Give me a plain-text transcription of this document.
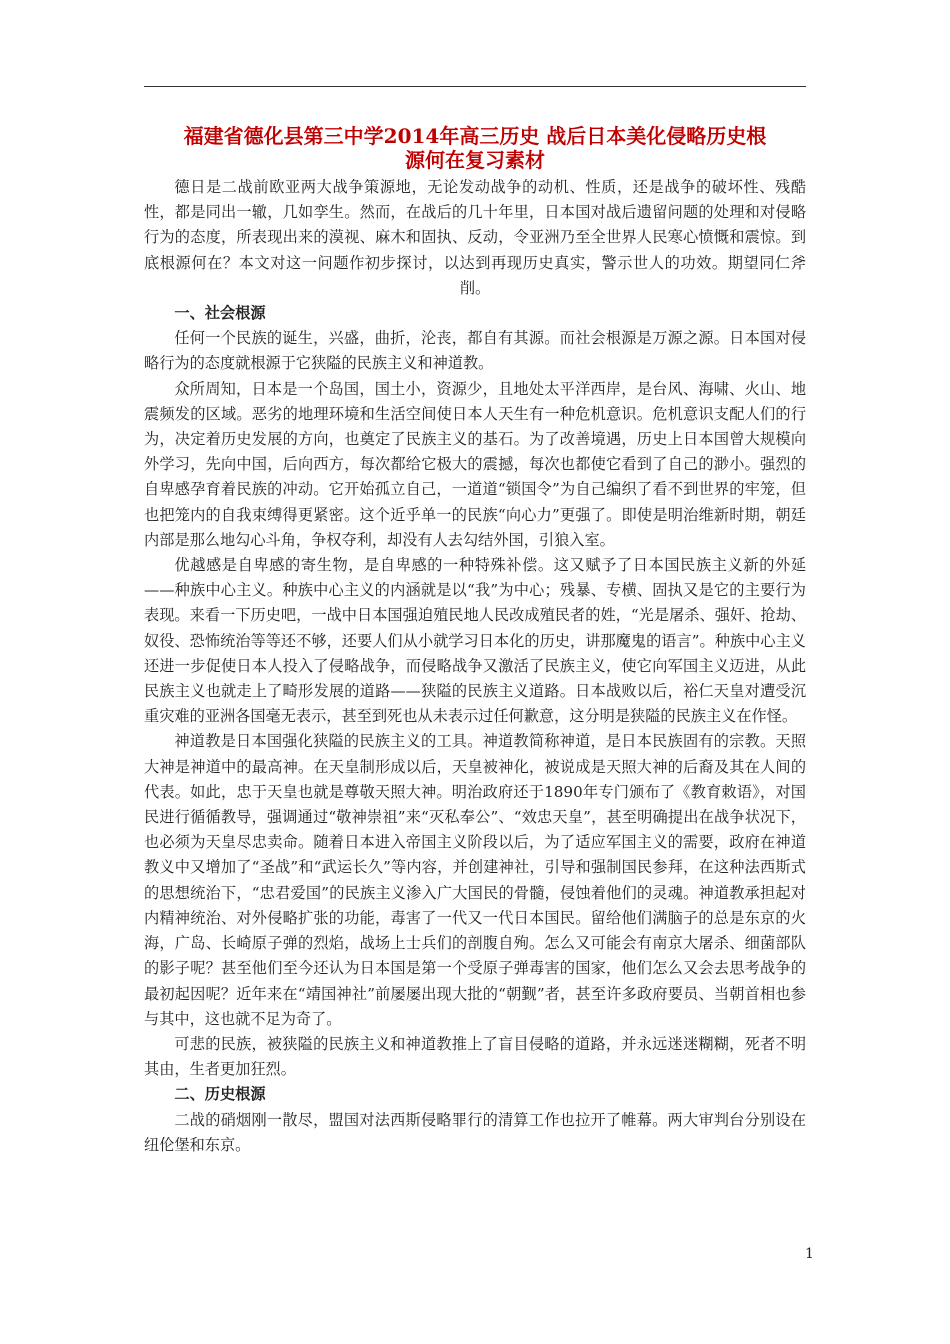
福建省德化县第三中学2014年高三历史 战后日本美化侵略历史根
源何在复习素材

德日是二战前欧亚两大战争策源地，无论发动战争的动机、性质，还是战争的破坏性、残酷性，都是同出一辙，几如孪生。然而，在战后的几十年里，日本国对战后遗留问题的处理和对侵略行为的态度，所表现出来的漠视、麻木和固执、反动，令亚洲乃至全世界人民寒心愤慨和震惊。到底根源何在？本文对这一问题作初步探讨，以达到再现历史真实，警示世人的功效。期望同仁斧削。

一、社会根源

任何一个民族的诞生，兴盛，曲折，沦丧，都自有其源。而社会根源是万源之源。日本国对侵略行为的态度就根源于它狭隘的民族主义和神道教。

众所周知，日本是一个岛国，国土小，资源少，且地处太平洋西岸，是台风、海啸、火山、地震频发的区域。恶劣的地理环境和生活空间使日本人天生有一种危机意识。危机意识支配人们的行为，决定着历史发展的方向，也奠定了民族主义的基石。为了改善境遇，历史上日本国曾大规模向外学习，先向中国，后向西方，每次都给它极大的震撼，每次也都使它看到了自己的渺小。强烈的自卑感孕育着民族的冲动。它开始孤立自己，一道道“锁国令”为自己编织了看不到世界的牢笼，但也把笼内的自我束缚得更紧密。这个近乎单一的民族“向心力”更强了。即使是明治维新时期，朝廷内部是那么地勾心斗角，争权夺利，却没有人去勾结外国，引狼入室。

优越感是自卑感的寄生物，是自卑感的一种特殊补偿。这又赋予了日本国民族主义新的外延——种族中心主义。种族中心主义的内涵就是以“我”为中心；残暴、专横、固执又是它的主要行为表现。来看一下历史吧，一战中日本国强迫殖民地人民改成殖民者的姓，“光是屠杀、强奸、抢劫、奴役、恐怖统治等等还不够，还要人们从小就学习日本化的历史，讲那魔鬼的语言”。种族中心主义还进一步促使日本人投入了侵略战争，而侵略战争又激活了民族主义，使它向军国主义迈进，从此民族主义也就走上了畸形发展的道路——狭隘的民族主义道路。日本战败以后，裕仁天皇对遭受沉重灾难的亚洲各国毫无表示，甚至到死也从未表示过任何歉意，这分明是狭隘的民族主义在作怪。

神道教是日本国强化狭隘的民族主义的工具。神道教简称神道，是日本民族固有的宗教。天照大神是神道中的最高神。在天皇制形成以后，天皇被神化，被说成是天照大神的后裔及其在人间的代表。如此，忠于天皇也就是尊敬天照大神。明治政府还于1890年专门颁布了《教育敕语》，对国民进行循循教导，强调通过“敬神崇祖”来“灭私奉公”、“效忠天皇”，甚至明确提出在战争状况下，也必须为天皇尽忠卖命。随着日本进入帝国主义阶段以后，为了适应军国主义的需要，政府在神道教义中又增加了“圣战”和“武运长久”等内容，并创建神社，引导和强制国民参拜，在这种法西斯式的思想统治下，“忠君爱国”的民族主义渗入广大国民的骨髓，侵蚀着他们的灵魂。神道教承担起对内精神统治、对外侵略扩张的功能，毒害了一代又一代日本国民。留给他们满脑子的总是东京的火海，广岛、长崎原子弹的烈焰，战场上士兵们的剖腹自殉。怎么又可能会有南京大屠杀、细菌部队的影子呢？甚至他们至今还认为日本国是第一个受原子弹毒害的国家，他们怎么又会去思考战争的最初起因呢？近年来在“靖国神社”前屡屡出现大批的“朝觐”者，甚至许多政府要员、当朝首相也参与其中，这也就不足为奇了。

可悲的民族，被狭隘的民族主义和神道教推上了盲目侵略的道路，并永远迷迷糊糊，死者不明其由，生者更加狂烈。

二、历史根源

二战的硝烟刚一散尽，盟国对法西斯侵略罪行的清算工作也拉开了帷幕。两大审判台分别设在纽伦堡和东京。

1
